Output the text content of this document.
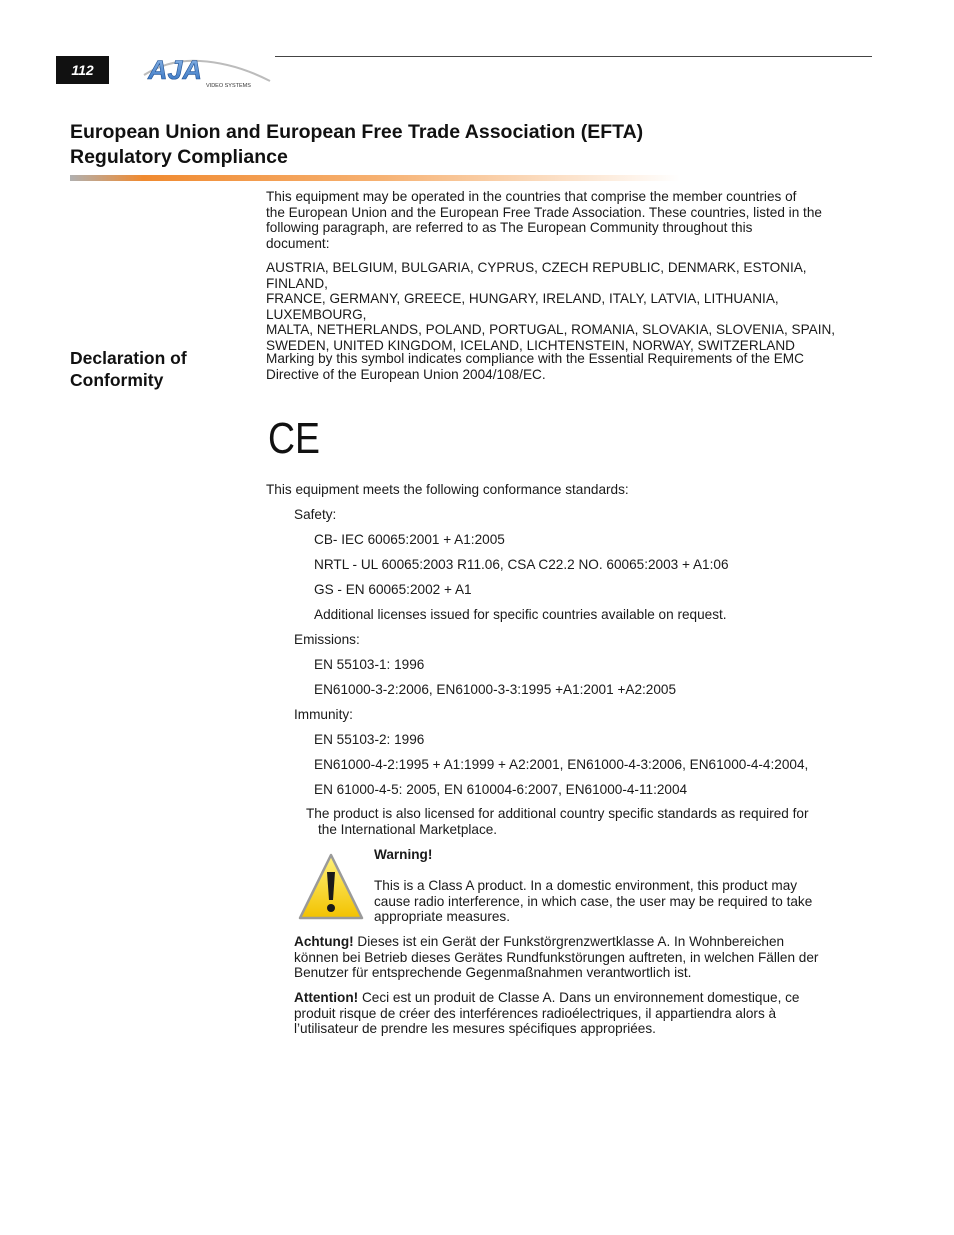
112	AJA
VIDEO SYSTEMS
European Union and European Free Trade Association (EFTA)
Regulatory Compliance
This equipment may be operated in the countries that comprise the member countries of
the European Union and the European Free Trade Association. These countries, listed in the
following paragraph, are referred to as The European Community throughout this
document:
AUSTRIA, BELGIUM, BULGARIA, CYPRUS, CZECH REPUBLIC, DENMARK, ESTONIA, FINLAND,
FRANCE, GERMANY, GREECE, HUNGARY, IRELAND, ITALY, LATVIA, LITHUANIA, LUXEMBOURG,
MALTA, NETHERLANDS, POLAND, PORTUGAL, ROMANIA, SLOVAKIA, SLOVENIA, SPAIN,
SWEDEN, UNITED KINGDOM, ICELAND, LICHTENSTEIN, NORWAY, SWITZERLAND
Declaration of
Conformity
Marking by this symbol indicates compliance with the Essential Requirements of the EMC
Directive of the European Union 2004/108/EC.
CE
This equipment meets the following conformance standards:
Safety:
CB- IEC 60065:2001 + A1:2005
NRTL - UL 60065:2003 R11.06, CSA C22.2 NO. 60065:2003 + A1:06
GS - EN 60065:2002 + A1
Additional licenses issued for specific countries available on request.
Emissions:
EN 55103-1: 1996
EN61000-3-2:2006, EN61000-3-3:1995 +A1:2001 +A2:2005
Immunity:
EN 55103-2: 1996
EN61000-4-2:1995 + A1:1999 + A2:2001, EN61000-4-3:2006, EN61000-4-4:2004,
EN 61000-4-5: 2005, EN 610004-6:2007, EN61000-4-11:2004
The product is also licensed for additional country specific standards as required for
the International Marketplace.
Warning!
This is a Class A product. In a domestic environment, this product may
cause radio interference, in which case, the user may be required to take
appropriate measures.
Achtung! Dieses ist ein Gerät der Funkstörgrenzwertklasse A. In Wohnbereichen
können bei Betrieb dieses Gerätes Rundfunkstörungen auftreten, in welchen Fällen der
Benutzer für entsprechende Gegenmaßnahmen verantwortlich ist.
Attention! Ceci est un produit de Classe A. Dans un environnement domestique, ce
produit risque de créer des interférences radioélectriques, il appartiendra alors à
l’utilisateur de prendre les mesures spécifiques appropriées.
